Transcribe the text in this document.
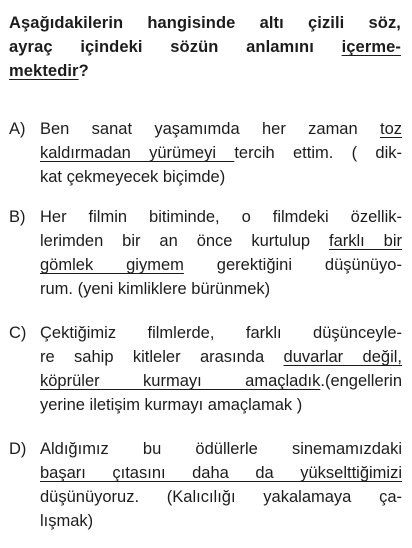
Aşağıdakilerin hangisinde altı çizili söz,
ayraç içindeki sözün anlamını içerme-
mektedir?
A) Ben sanat yaşamımda her zaman toz
kaldırmadan yürümeyi tercih ettim. ( dik-
kat çekmeyecek biçimde)
B) Her filmin bitiminde, o filmdeki özellik-
lerimden bir an önce kurtulup farklı bir
gömlek giymem gerektiğini düşünüyo-
rum. (yeni kimliklere bürünmek)
C) Çektiğimiz filmlerde, farklı düşünceyle-
re sahip kitleler arasında duvarlar değil,
köprüler kurmayı amaçladık.(engellerin
yerine iletişim kurmayı amaçlamak )
D) Aldığımız bu ödüllerle sinemamızdaki
başarı çıtasını daha da yükselttiğimizi
düşünüyoruz. (Kalıcılığı yakalamaya ça-
lışmak)
